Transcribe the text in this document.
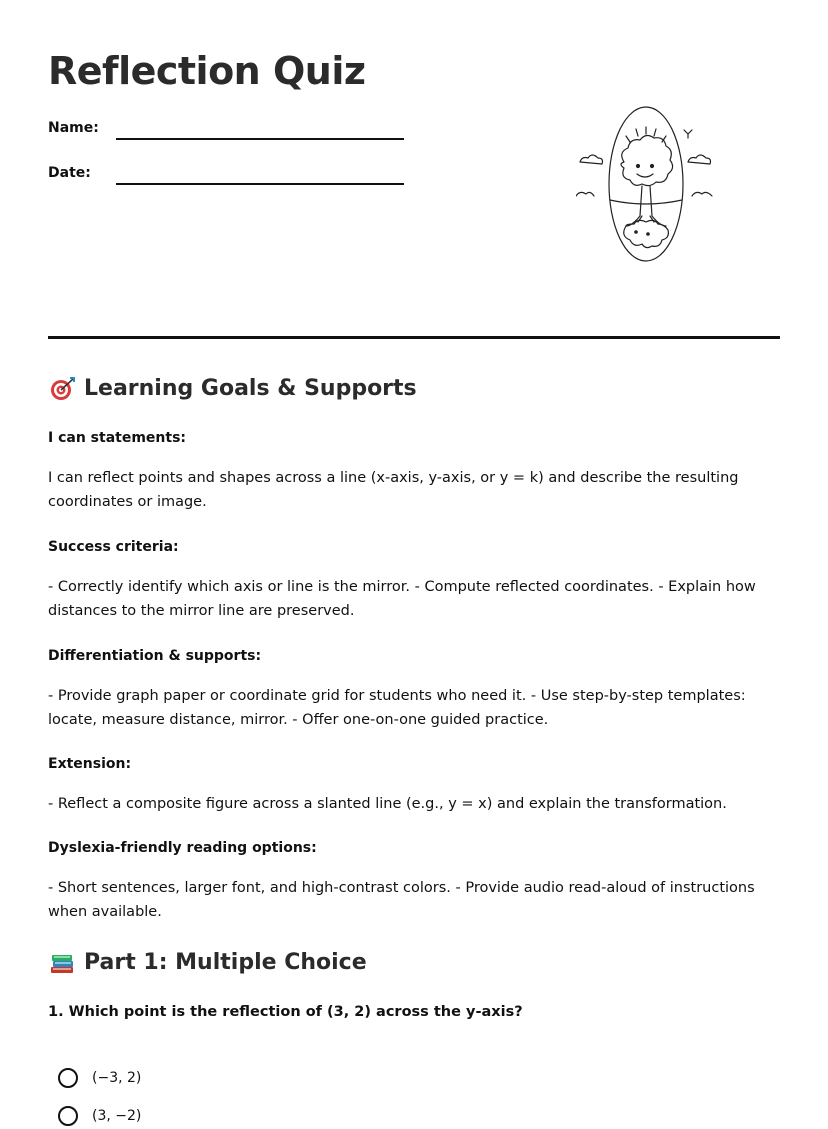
Reflection Quiz
Name:
Date:
Learning Goals & Supports
I can statements:

I can reflect points and shapes across a line (x-axis, y-axis, or y = k) and describe the resulting coordinates or image.

Success criteria:

- Correctly identify which axis or line is the mirror. - Compute reflected coordinates. - Explain how distances to the mirror line are preserved.

Differentiation & supports:

- Provide graph paper or coordinate grid for students who need it. - Use step-by-step templates: locate, measure distance, mirror. - Offer one-on-one guided practice.

Extension:

- Reflect a composite figure across a slanted line (e.g., y = x) and explain the transformation.

Dyslexia-friendly reading options:

- Short sentences, larger font, and high-contrast colors. - Provide audio read-aloud of instructions when available.

Part 1: Multiple Choice
1. Which point is the reflection of (3, 2) across the y-axis?
(−3, 2)
(3, −2)
